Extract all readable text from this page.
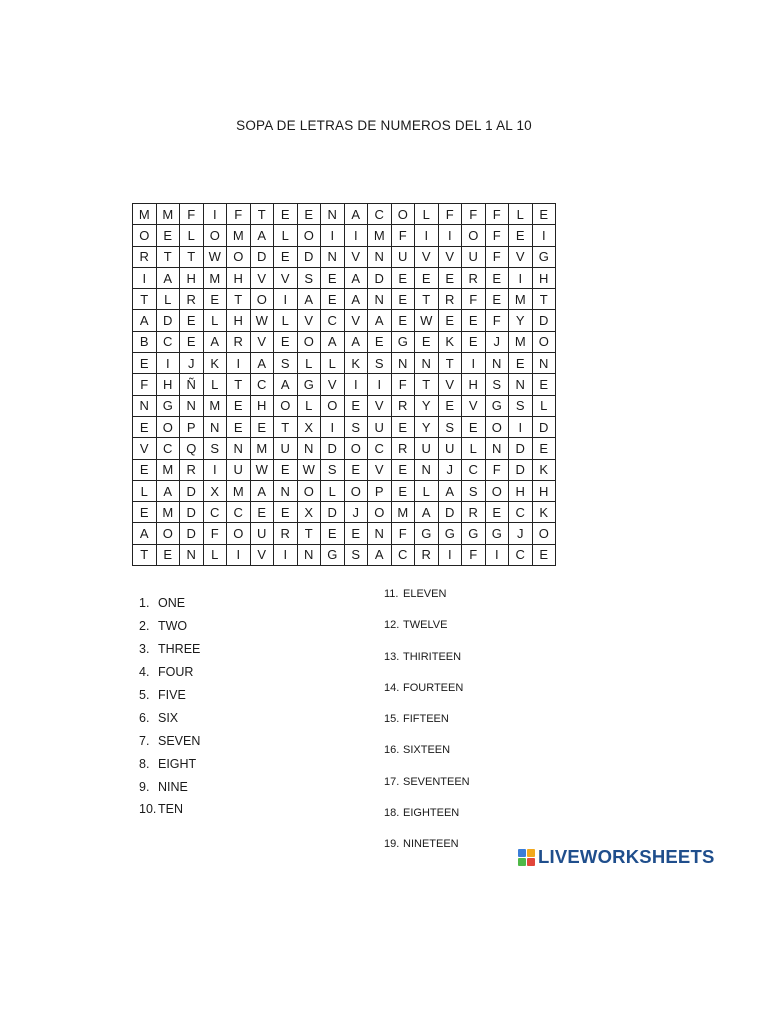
SOPA DE LETRAS DE NUMEROS DEL 1 AL 10
M	M	F	I	F	T	E	E	N	A	C	O	L	F	F	F	L	E
O	E	L	O	M	A	L	O	I	I	M	F	I	I	O	F	E	I
R	T	T	W	O	D	E	D	N	V	N	U	V	V	U	F	V	G
I	A	H	M	H	V	V	S	E	A	D	E	E	E	R	E	I	H
T	L	R	E	T	O	I	A	E	A	N	E	T	R	F	E	M	T
A	D	E	L	H	W	L	V	C	V	A	E	W	E	E	F	Y	D
B	C	E	A	R	V	E	O	A	A	E	G	E	K	E	J	M	O
E	I	J	K	I	A	S	L	L	K	S	N	N	T	I	N	E	N
F	H	Ñ	L	T	C	A	G	V	I	I	F	T	V	H	S	N	E
N	G	N	M	E	H	O	L	O	E	V	R	Y	E	V	G	S	L
E	O	P	N	E	E	T	X	I	S	U	E	Y	S	E	O	I	D
V	C	Q	S	N	M	U	N	D	O	C	R	U	U	L	N	D	E
E	M	R	I	U	W	E	W	S	E	V	E	N	J	C	F	D	K
L	A	D	X	M	A	N	O	L	O	P	E	L	A	S	O	H	H
E	M	D	C	C	E	E	X	D	J	O	M	A	D	R	E	C	K
A	O	D	F	O	U	R	T	E	E	N	F	G	G	G	G	J	O
T	E	N	L	I	V	I	N	G	S	A	C	R	I	F	I	C	E
1. ONE
2. TWO
3. THREE
4. FOUR
5. FIVE
6. SIX
7. SEVEN
8. EIGHT
9. NINE
10. TEN
11. ELEVEN
12. TWELVE
13. THIRITEEN
14. FOURTEEN
15. FIFTEEN
16. SIXTEEN
17. SEVENTEEN
18. EIGHTEEN
19. NINETEEN
LIVEWORKSHEETS
